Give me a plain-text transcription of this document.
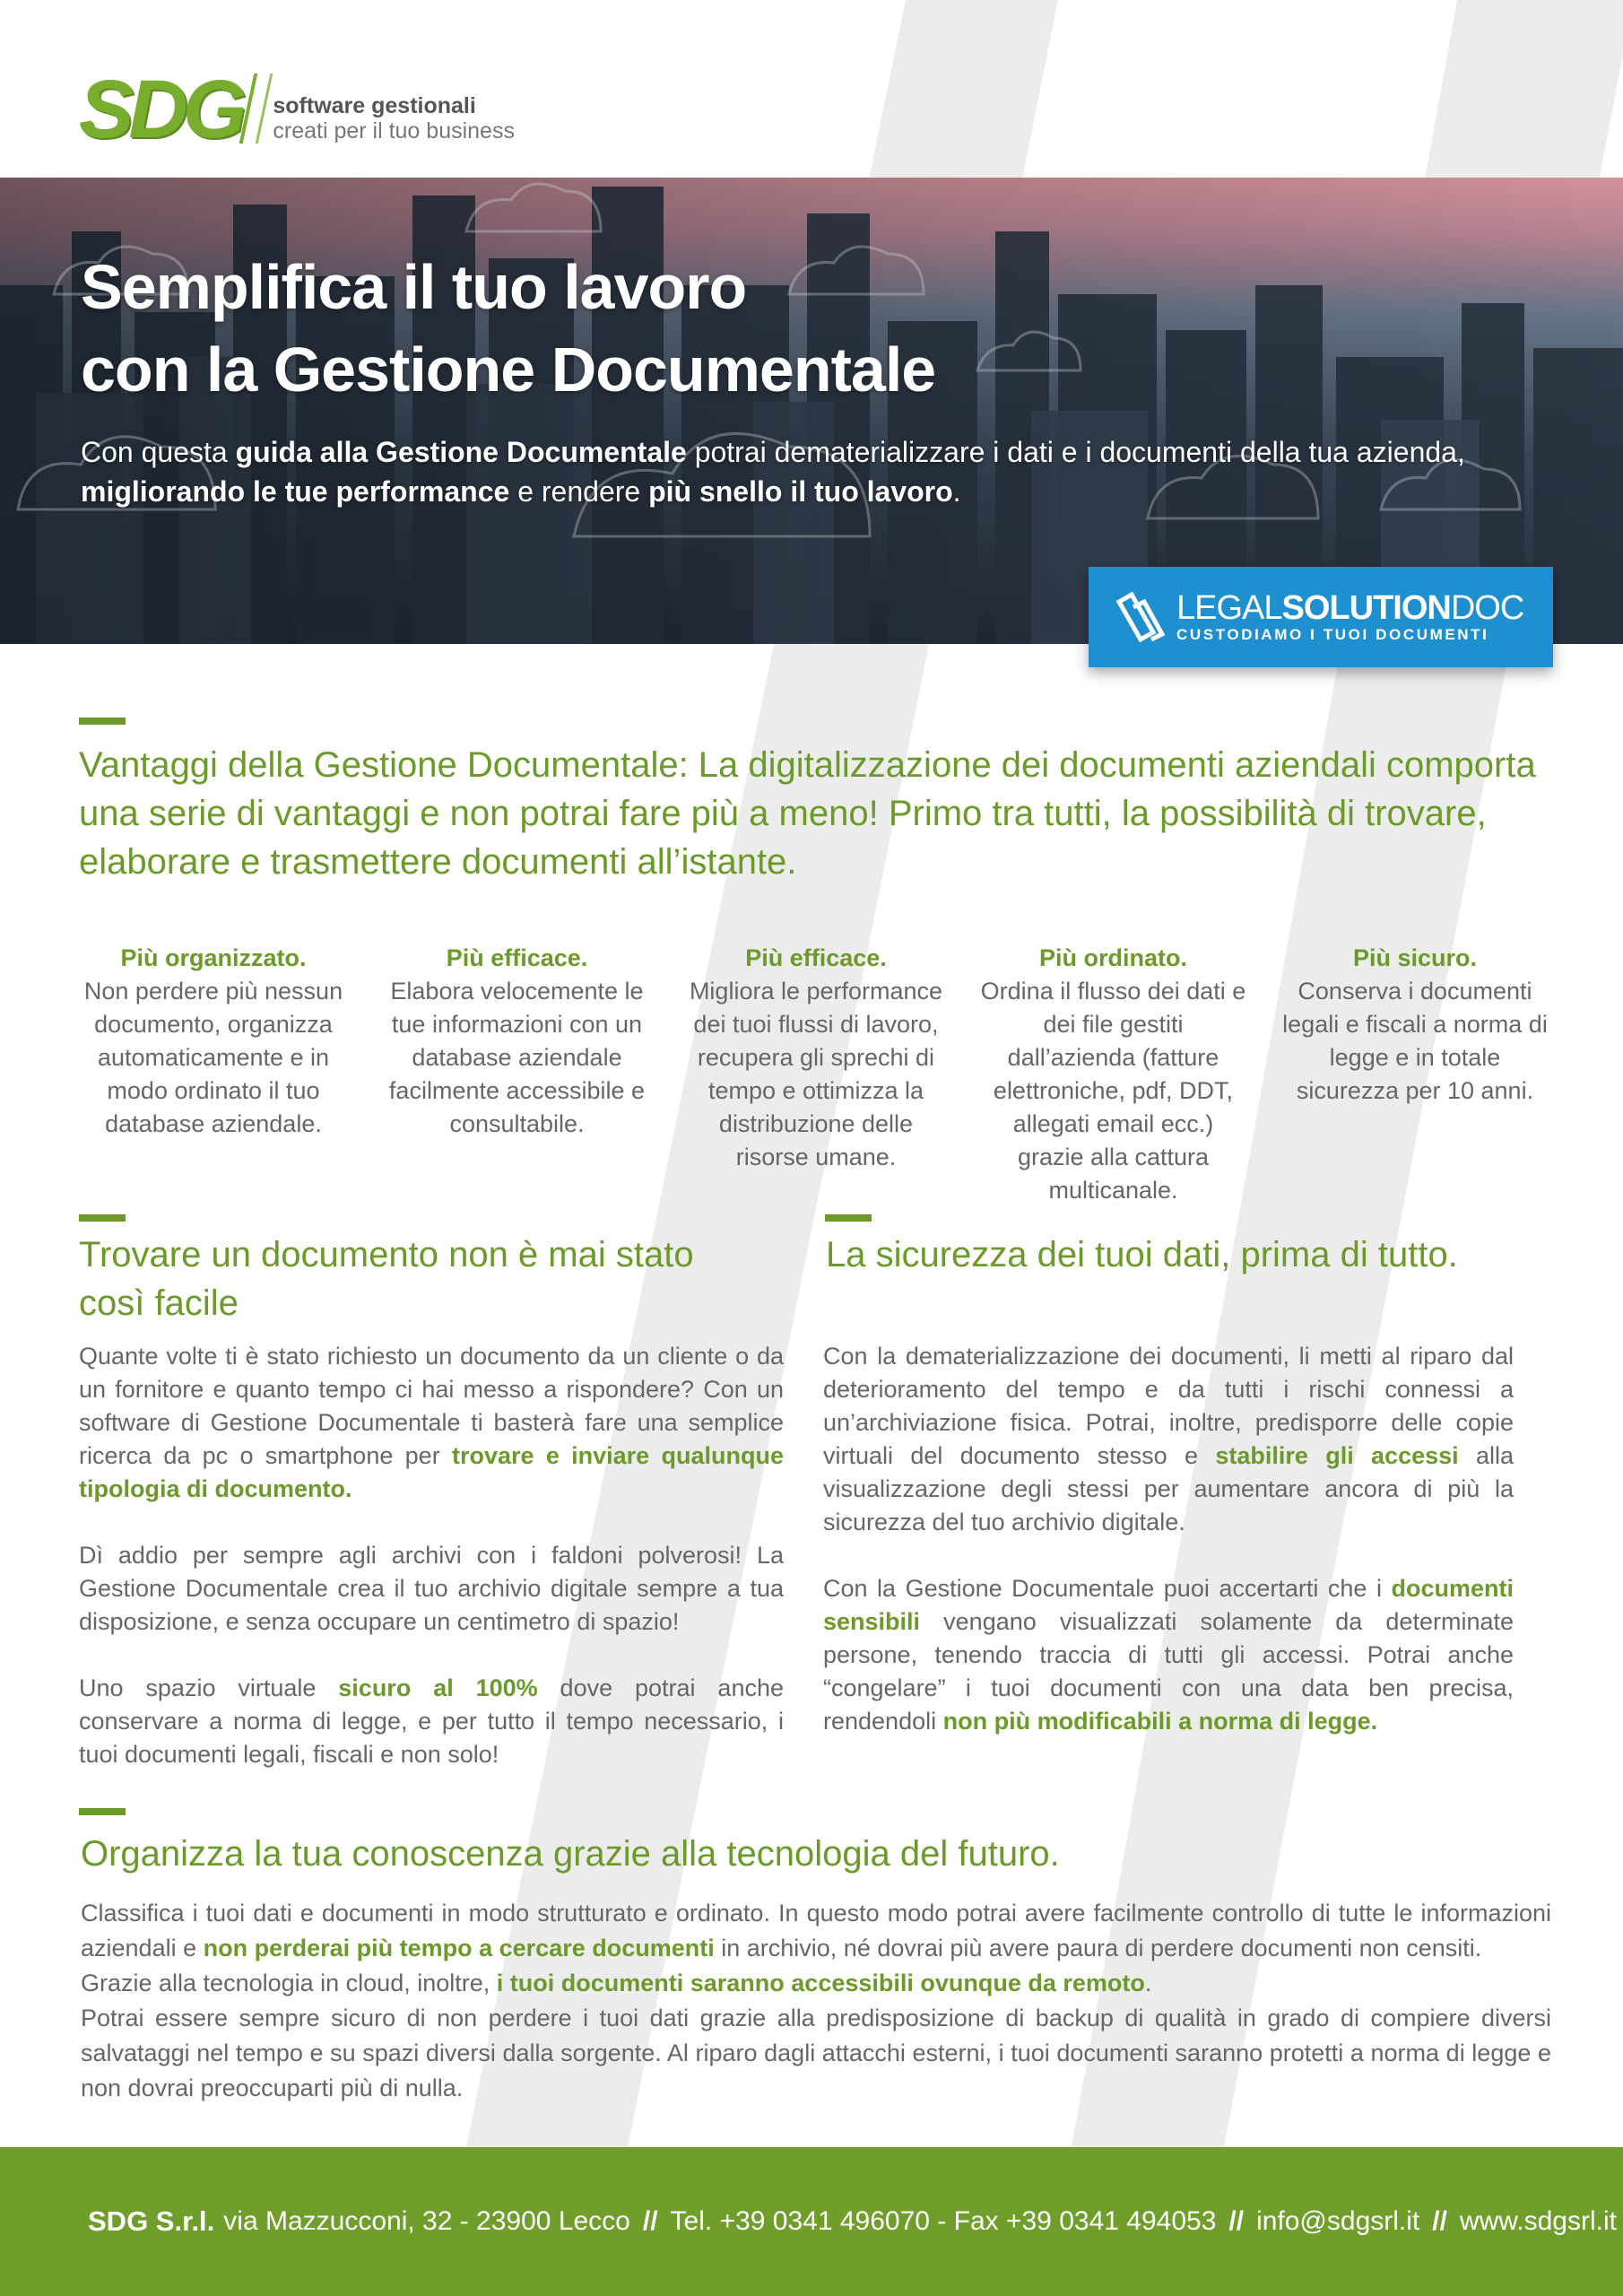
SDG software gestionali
creati per il tuo business
Semplifica il tuo lavoro
con la Gestione Documentale

Con questa guida alla Gestione Documentale potrai dematerializzare i dati e i documenti della tua azienda,
migliorando le tue performance e rendere più snello il tuo lavoro.

LEGALSOLUTIONDOC
CUSTODIAMO I TUOI DOCUMENTI
Vantaggi della Gestione Documentale: La digitalizzazione dei documenti aziendali comporta una serie di vantaggi e non potrai fare più a meno! Primo tra tutti, la possibilità di trovare, elaborare e trasmettere documenti all’istante.
Più organizzato.
Non perdere più nessun documento, organizza automaticamente e in modo ordinato il tuo database aziendale.
Più efficace.
Elabora velocemente le tue informazioni con un database aziendale facilmente accessibile e consultabile.
Più efficace.
Migliora le performance dei tuoi flussi di lavoro, recupera gli sprechi di tempo e ottimizza la distribuzione delle risorse umane.
Più ordinato.
Ordina il flusso dei dati e dei file gestiti dall’azienda (fatture elettroniche, pdf, DDT, allegati email ecc.) grazie alla cattura multicanale.
Più sicuro.
Conserva i documenti legali e fiscali a norma di legge e in totale sicurezza per 10 anni.
Trovare un documento non è mai stato così facile

Quante volte ti è stato richiesto un documento da un cliente o da un fornitore e quanto tempo ci hai messo a rispondere? Con un software di Gestione Documentale ti basterà fare una semplice ricerca da pc o smartphone per trovare e inviare qualunque tipologia di documento.

Dì addio per sempre agli archivi con i faldoni polverosi! La Gestione Documentale crea il tuo archivio digitale sempre a tua disposizione, e senza occupare un centimetro di spazio!

Uno spazio virtuale sicuro al 100% dove potrai anche conservare a norma di legge, e per tutto il tempo necessario, i tuoi documenti legali, fiscali e non solo!

La sicurezza dei tuoi dati, prima di tutto.

Con la dematerializzazione dei documenti, li metti al riparo dal deterioramento del tempo e da tutti i rischi connessi a un’archiviazione fisica. Potrai, inoltre, predisporre delle copie virtuali del documento stesso e stabilire gli accessi alla visualizzazione degli stessi per aumentare ancora di più la sicurezza del tuo archivio digitale.

Con la Gestione Documentale puoi accertarti che i documenti sensibili vengano visualizzati solamente da determinate persone, tenendo traccia di tutti gli accessi. Potrai anche “congelare” i tuoi documenti con una data ben precisa, rendendoli non più modificabili a norma di legge.

Organizza la tua conoscenza grazie alla tecnologia del futuro.

Classifica i tuoi dati e documenti in modo strutturato e ordinato. In questo modo potrai avere facilmente controllo di tutte le informazioni aziendali e non perderai più tempo a cercare documenti in archivio, né dovrai più avere paura di perdere documenti non censiti.
Grazie alla tecnologia in cloud, inoltre, i tuoi documenti saranno accessibili ovunque da remoto.
Potrai essere sempre sicuro di non perdere i tuoi dati grazie alla predisposizione di backup di qualità in grado di compiere diversi salvataggi nel tempo e su spazi diversi dalla sorgente. Al riparo dagli attacchi esterni, i tuoi documenti saranno protetti a norma di legge e non dovrai preoccuparti più di nulla.

SDG S.r.l. via Mazzucconi, 32 - 23900 Lecco // Tel. +39 0341 496070 - Fax +39 0341 494053 // info@sdgsrl.it // www.sdgsrl.it
